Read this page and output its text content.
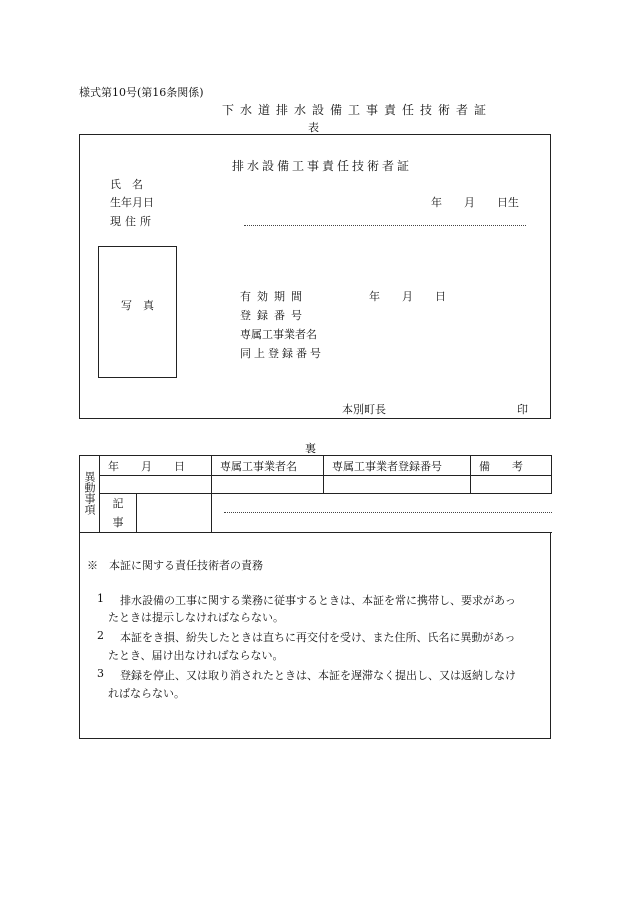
様式第10号(第16条関係)
下水道排水設備工事責任技術者証
表
排水設備工事責任技術者証
氏　名
生年月日	年　　月　　日生
現住所
写　真
有効期間	年　　月　　日
登録番号
専属工事業者名
同上登録番号
本別町長	印
裏
異動事項	年　　月　　日		専属工事業者名	専属工事業者登録番号	備　　考

	記
事				

※　本証に関する責任技術者の責務
1 排水設備の工事に関する業務に従事するときは、本証を常に携帯し、要求があっ
たときは提示しなければならない。
2 本証をき損、紛失したときは直ちに再交付を受け、また住所、氏名に異動があっ
たとき、届け出なければならない。
3 登録を停止、又は取り消されたときは、本証を遅滞なく提出し、又は返納しなけ
ればならない。
